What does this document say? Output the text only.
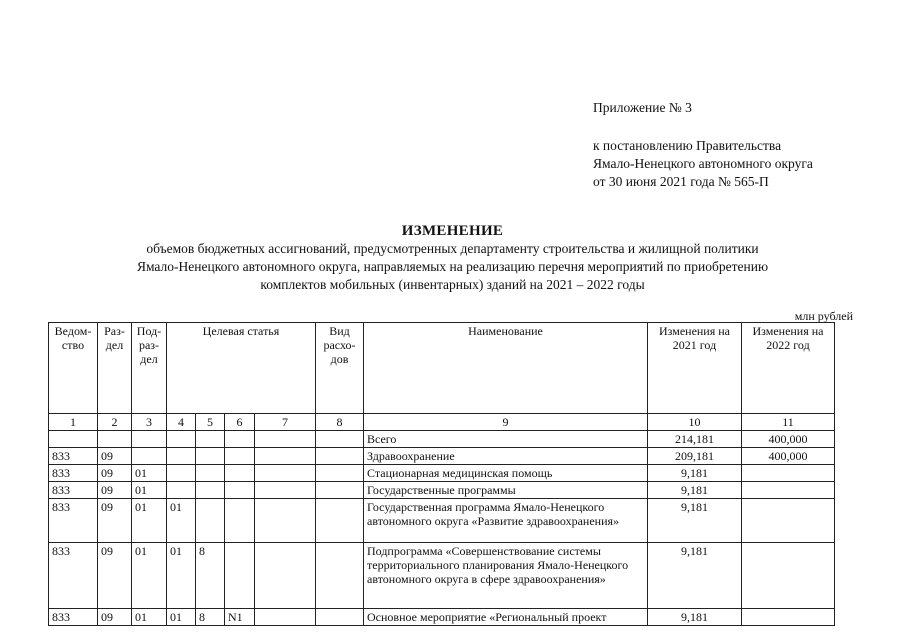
Приложение № 3
к постановлению Правительства
Ямало-Ненецкого автономного округа
от 30 июня 2021 года № 565-П
ИЗМЕНЕНИЕ
объемов бюджетных ассигнований, предусмотренных департаменту строительства и жилищной политики
Ямало-Ненецкого автономного округа, направляемых на реализацию перечня мероприятий по приобретению
комплектов мобильных (инвентарных) зданий на 2021 – 2022 годы
млн рублей
Ведом-ство	Раз-дел	Под-раз-дел	Целевая статья				Вид расхо-дов	Наименование	Изменения на 2021 год	Изменения на 2022 год
1	2	3	4	5	6	7	8	9	10	11
								Всего	214,181	400,000
833	09							Здравоохранение	209,181	400,000
833	09	01						Стационарная медицинская помощь	9,181	
833	09	01						Государственные программы	9,181	
833	09	01	01					Государственная программа Ямало-Ненецкого автономного округа «Развитие здравоохранения»	9,181	
833	09	01	01	8				Подпрограмма «Совершенствование системы территориального планирования Ямало-Ненецкого автономного округа в сфере здравоохранения»	9,181	
833	09	01	01	8	N1			Основное мероприятие «Региональный проект	9,181	
